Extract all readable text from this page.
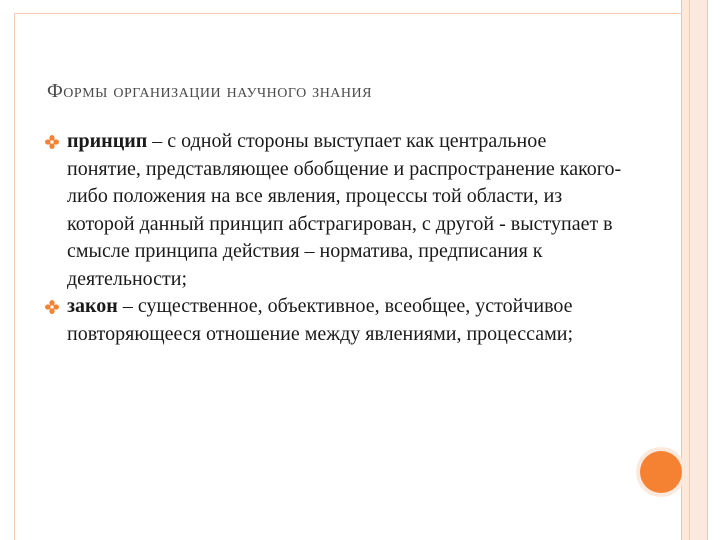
Формы организации научного знания
принцип – с одной стороны выступает как центральное понятие, представляющее обобщение и распространение какого-либо положения на все явления, процессы той области, из которой данный принцип абстрагирован, с другой - выступает в смысле принципа действия – норматива, предписания к деятельности;
закон – существенное, объективное, всеобщее, устойчивое повторяющееся отношение между явлениями, процессами;
